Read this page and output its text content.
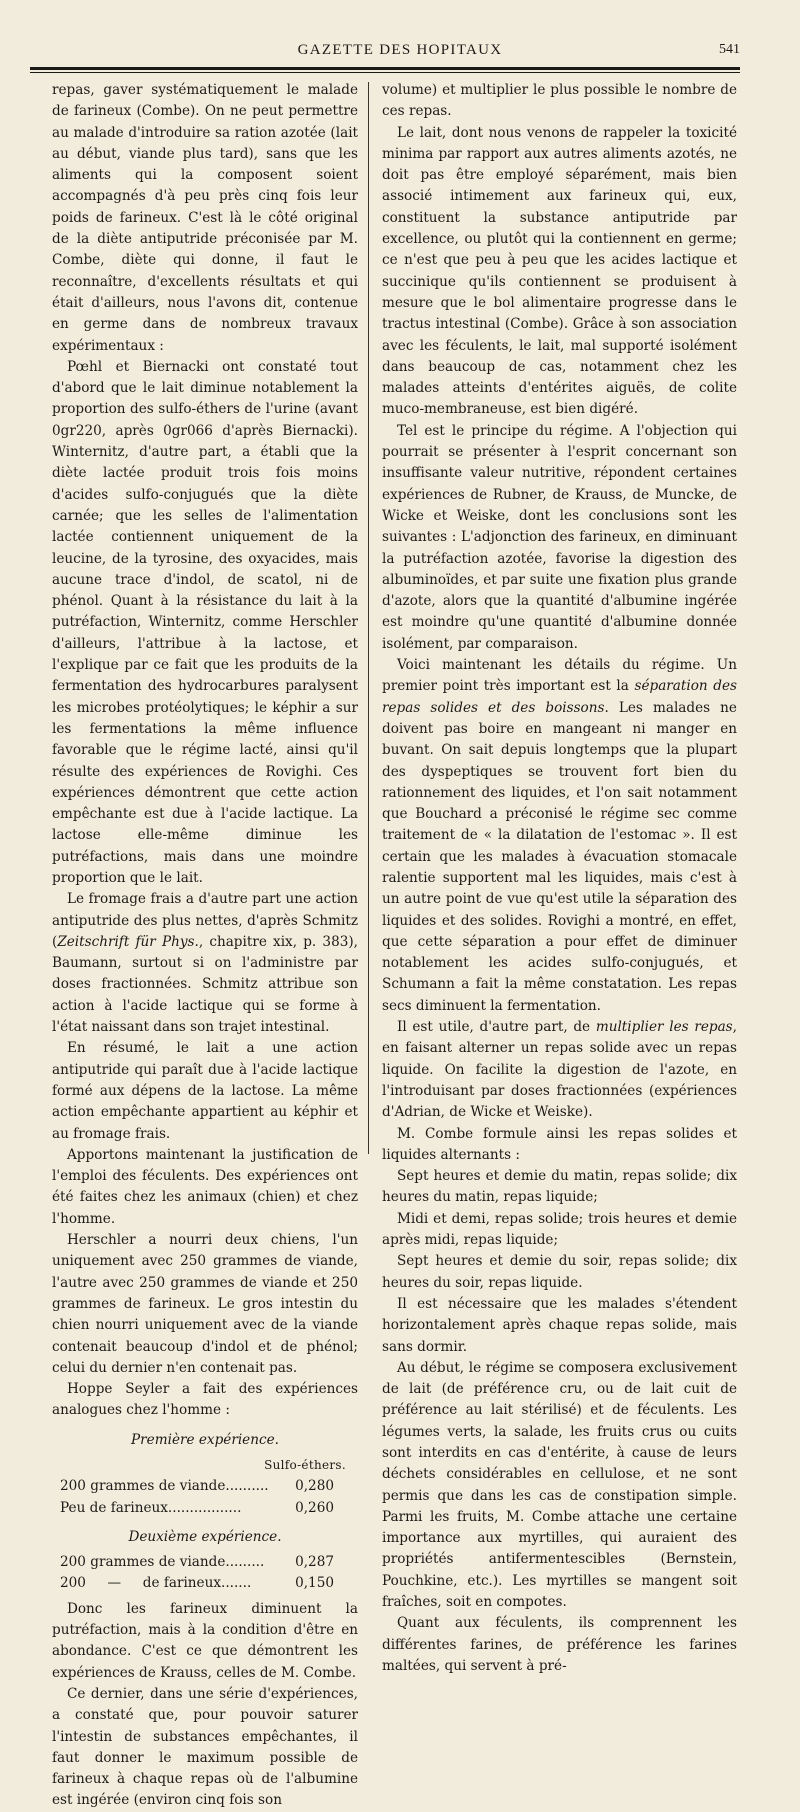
GAZETTE DES HOPITAUX	541

repas, gaver systématiquement le malade de farineux (Combe). On ne peut permettre au malade d'introduire sa ration azotée (lait au début, viande plus tard), sans que les aliments qui la composent soient accompagnés d'à peu près cinq fois leur poids de farineux. C'est là le côté original de la diète antiputride préconisée par M. Combe, diète qui donne, il faut le reconnaître, d'excellents résultats et qui était d'ailleurs, nous l'avons dit, contenue en germe dans de nombreux travaux expérimentaux :

Pœhl et Biernacki ont constaté tout d'abord que le lait diminue notablement la proportion des sulfo-éthers de l'urine (avant 0gr220, après 0gr066 d'après Biernacki). Winternitz, d'autre part, a établi que la diète lactée produit trois fois moins d'acides sulfo-conjugués que la diète carnée; que les selles de l'alimentation lactée contiennent uniquement de la leucine, de la tyrosine, des oxyacides, mais aucune trace d'indol, de scatol, ni de phénol. Quant à la résistance du lait à la putréfaction, Winternitz, comme Herschler d'ailleurs, l'attribue à la lactose, et l'explique par ce fait que les produits de la fermentation des hydrocarbures paralysent les microbes protéolytiques; le képhir a sur les fermentations la même influence favorable que le régime lacté, ainsi qu'il résulte des expériences de Rovighi. Ces expériences démontrent que cette action empêchante est due à l'acide lactique. La lactose elle-même diminue les putréfactions, mais dans une moindre proportion que le lait.

Le fromage frais a d'autre part une action antiputride des plus nettes, d'après Schmitz (Zeitschrift für Phys., chapitre xix, p. 383), Baumann, surtout si on l'administre par doses fractionnées. Schmitz attribue son action à l'acide lactique qui se forme à l'état naissant dans son trajet intestinal.

En résumé, le lait a une action antiputride qui paraît due à l'acide lactique formé aux dépens de la lactose. La même action empêchante appartient au képhir et au fromage frais.

Apportons maintenant la justification de l'emploi des féculents. Des expériences ont été faites chez les animaux (chien) et chez l'homme.

Herschler a nourri deux chiens, l'un uniquement avec 250 grammes de viande, l'autre avec 250 grammes de viande et 250 grammes de farineux. Le gros intestin du chien nourri uniquement avec de la viande contenait beaucoup d'indol et de phénol; celui du dernier n'en contenait pas.

Hoppe Seyler a fait des expériences analogues chez l'homme :

Première expérience.
Sulfo-éthers.
200 grammes de viande.......... 0,280
Peu de farineux.................	0,260
Deuxième expérience.
200 grammes de viande......... 0,287
200     —     de farineux.......	0,150

Donc les farineux diminuent la putréfaction, mais à la condition d'être en abondance. C'est ce que démontrent les expériences de Krauss, celles de M. Combe.

Ce dernier, dans une série d'expériences, a constaté que, pour pouvoir saturer l'intestin de substances empêchantes, il faut donner le maximum possible de farineux à chaque repas où de l'albumine est ingérée (environ cinq fois son

volume) et multiplier le plus possible le nombre de ces repas.

Le lait, dont nous venons de rappeler la toxicité minima par rapport aux autres aliments azotés, ne doit pas être employé séparément, mais bien associé intimement aux farineux qui, eux, constituent la substance antiputride par excellence, ou plutôt qui la contiennent en germe; ce n'est que peu à peu que les acides lactique et succinique qu'ils contiennent se produisent à mesure que le bol alimentaire progresse dans le tractus intestinal (Combe). Grâce à son association avec les féculents, le lait, mal supporté isolément dans beaucoup de cas, notamment chez les malades atteints d'entérites aiguës, de colite muco-membraneuse, est bien digéré.

Tel est le principe du régime. A l'objection qui pourrait se présenter à l'esprit concernant son insuffisante valeur nutritive, répondent certaines expériences de Rubner, de Krauss, de Muncke, de Wicke et Weiske, dont les conclusions sont les suivantes : L'adjonction des farineux, en diminuant la putréfaction azotée, favorise la digestion des albuminoïdes, et par suite une fixation plus grande d'azote, alors que la quantité d'albumine ingérée est moindre qu'une quantité d'albumine donnée isolément, par comparaison.

Voici maintenant les détails du régime. Un premier point très important est la séparation des repas solides et des boissons. Les malades ne doivent pas boire en mangeant ni manger en buvant. On sait depuis longtemps que la plupart des dyspeptiques se trouvent fort bien du rationnement des liquides, et l'on sait notamment que Bouchard a préconisé le régime sec comme traitement de « la dilatation de l'estomac ». Il est certain que les malades à évacuation stomacale ralentie supportent mal les liquides, mais c'est à un autre point de vue qu'est utile la séparation des liquides et des solides. Rovighi a montré, en effet, que cette séparation a pour effet de diminuer notablement les acides sulfo-conjugués, et Schumann a fait la même constatation. Les repas secs diminuent la fermentation.

Il est utile, d'autre part, de multiplier les repas, en faisant alterner un repas solide avec un repas liquide. On facilite la digestion de l'azote, en l'introduisant par doses fractionnées (expériences d'Adrian, de Wicke et Weiske).

M. Combe formule ainsi les repas solides et liquides alternants :

Sept heures et demie du matin, repas solide; dix heures du matin, repas liquide;

Midi et demi, repas solide; trois heures et demie après midi, repas liquide;

Sept heures et demie du soir, repas solide; dix heures du soir, repas liquide.

Il est nécessaire que les malades s'étendent horizontalement après chaque repas solide, mais sans dormir.

Au début, le régime se composera exclusivement de lait (de préférence cru, ou de lait cuit de préférence au lait stérilisé) et de féculents. Les légumes verts, la salade, les fruits crus ou cuits sont interdits en cas d'entérite, à cause de leurs déchets considérables en cellulose, et ne sont permis que dans les cas de constipation simple. Parmi les fruits, M. Combe attache une certaine importance aux myrtilles, qui auraient des propriétés antifermentescibles (Bernstein, Pouchkine, etc.). Les myrtilles se mangent soit fraîches, soit en compotes.

Quant aux féculents, ils comprennent les différentes farines, de préférence les farines maltées, qui servent à pré-
